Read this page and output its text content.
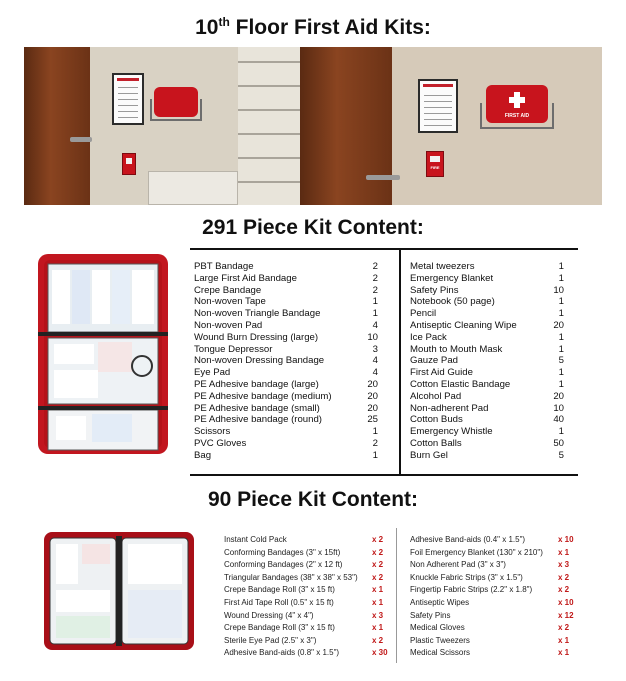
10th Floor First Aid Kits:
FIRST AID
FIRE
291 Piece Kit Content:
PBT Bandage	2
Large First Aid Bandage	2
Crepe Bandage	2
Non-woven Tape	1
Non-woven Triangle Bandage	1
Non-woven Pad	4
Wound Burn Dressing (large)	10
Tongue Depressor	3
Non-woven Dressing Bandage	4
Eye Pad	4
PE Adhesive bandage (large)	20
PE Adhesive bandage (medium)	20
PE Adhesive bandage (small)	20
PE Adhesive bandage (round)	25
Scissors	1
PVC Gloves	2
Bag	1
Metal tweezers	1
Emergency Blanket	1
Safety Pins	10
Notebook (50 page)	1
Pencil	1
Antiseptic Cleaning Wipe	20
Ice Pack	1
Mouth to Mouth Mask	1
Gauze Pad	5
First Aid Guide	1
Cotton Elastic Bandage	1
Alcohol Pad	20
Non-adherent Pad	10
Cotton Buds	40
Emergency Whistle	1
Cotton Balls	50
Burn Gel	5
90 Piece Kit Content:
Instant Cold Pack	x 2
Conforming Bandages (3" x 15ft)	x 2
Conforming Bandages (2" x 12 ft)	x 2
Triangular Bandages (38" x 38" x 53") x 2
Crepe Bandage Roll (3" x 15 ft)	x 1
First Aid Tape Roll (0.5" x 15 ft)	x 1
Wound Dressing (4" x 4")	x 3
Crepe Bandage Roll (3" x 15 ft)	x 1
Sterile Eye Pad (2.5" x 3")	x 2
Adhesive Band-aids (0.8" x 1.5")	x 30
Adhesive Band-aids (0.4" x 1.5")	x 10
Foil Emergency Blanket (130" x 210") x 1
Non Adherent Pad (3" x 3")	x 3
Knuckle Fabric Strips (3" x 1.5")	x 2
Fingertip Fabric Strips (2.2" x 1.8")	x 2
Antiseptic Wipes	x 10
Safety Pins	x 12
Medical Gloves	x 2
Plastic Tweezers	x 1
Medical Scissors	x 1
